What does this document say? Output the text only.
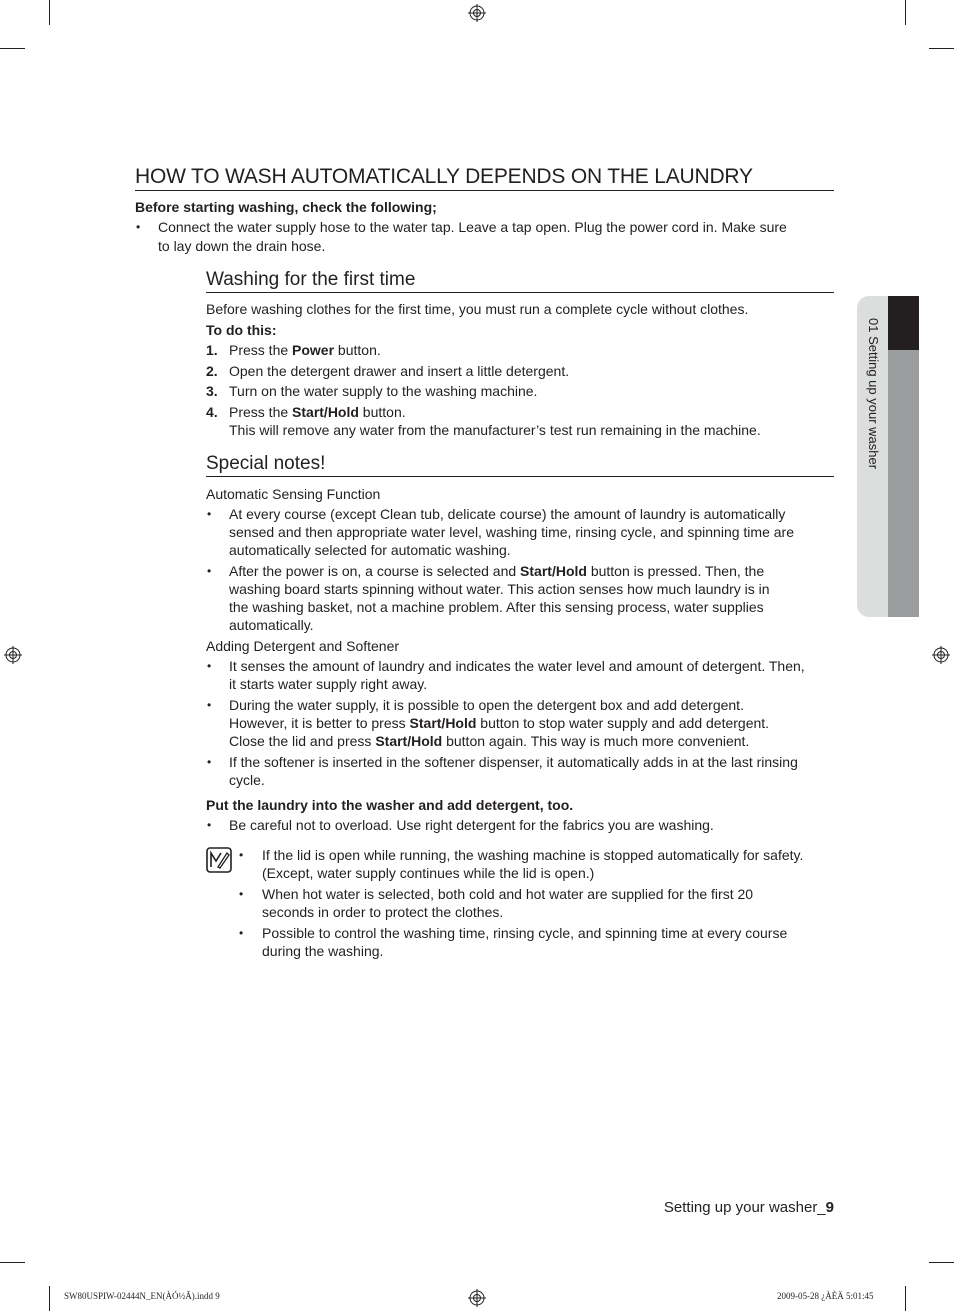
01 Setting up your washer
HOW TO WASH AUTOMATICALLY DEPENDS ON THE LAUNDRY
Before starting washing, check the following;
• Connect the water supply hose to the water tap. Leave a tap open. Plug the power cord in. Make sure
to lay down the drain hose.
Washing for the first time
Before washing clothes for the first time, you must run a complete cycle without clothes.
To do this:
1. Press the Power button.
2. Open the detergent drawer and insert a little detergent.
3. Turn on the water supply to the washing machine.
4. Press the Start/Hold button.
This will remove any water from the manufacturer’s test run remaining in the machine.
Special notes!
Automatic Sensing Function
• At every course (except Clean tub, delicate course) the amount of laundry is automatically
sensed and then appropriate water level, washing time, rinsing cycle, and spinning time are
automatically selected for automatic washing.
• After the power is on, a course is selected and Start/Hold button is pressed. Then, the
washing board starts spinning without water. This action senses how much laundry is in
the washing basket, not a machine problem. After this sensing process, water supplies
automatically.
Adding Detergent and Softener
• It senses the amount of laundry and indicates the water level and amount of detergent. Then,
it starts water supply right away.
• During the water supply, it is possible to open the detergent box and add detergent.
However, it is better to press Start/Hold button to stop water supply and add detergent.
Close the lid and press Start/Hold button again. This way is much more convenient.
• If the softener is inserted in the softener dispenser, it automatically adds in at the last rinsing
cycle.
Put the laundry into the washer and add detergent, too.
• Be careful not to overload. Use right detergent for the fabrics you are washing.
• If the lid is open while running, the washing machine is stopped automatically for safety.
(Except, water supply continues while the lid is open.)
• When hot water is selected, both cold and hot water are supplied for the first 20
seconds in order to protect the clothes.
• Possible to control the washing time, rinsing cycle, and spinning time at every course
during the washing.
Setting up your washer_9
SW80USPIW-02444N_EN(ÀÓ½Ã).indd 9	2009-05-28 ¿ÀÈÄ 5:01:45
